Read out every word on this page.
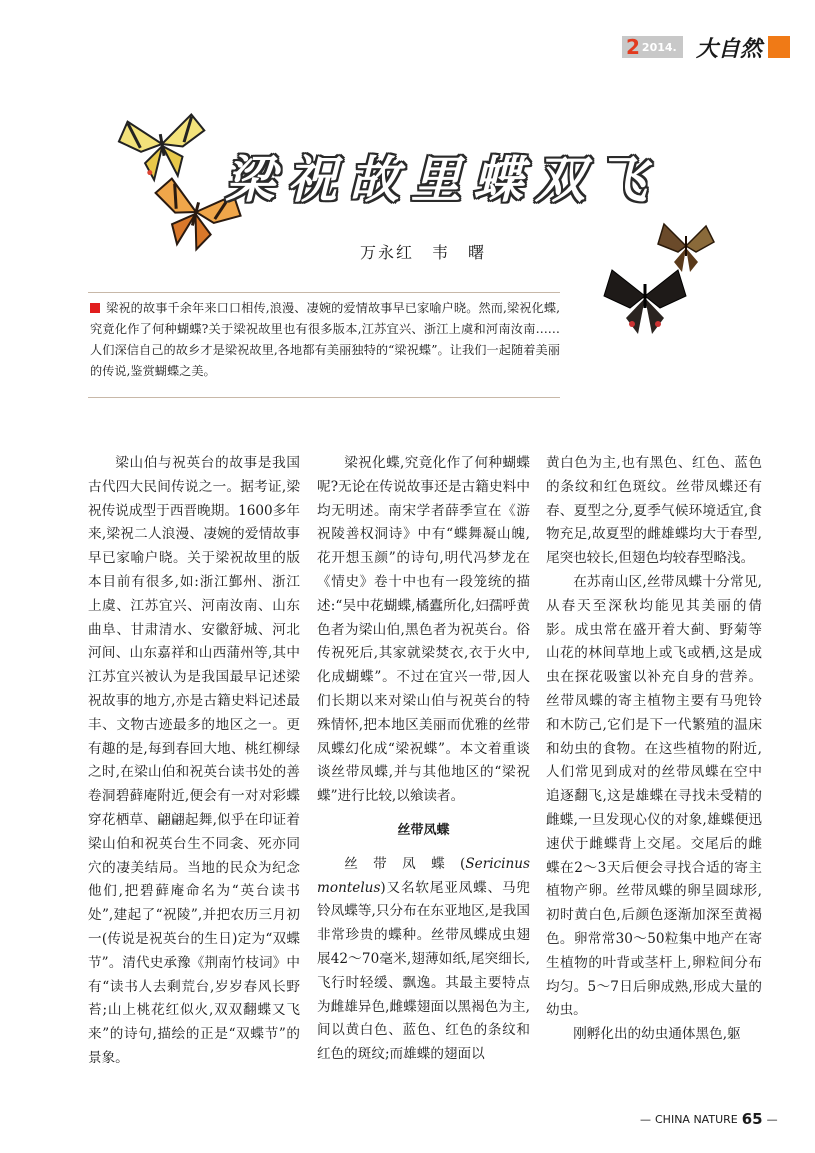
2 2014. 大自然
梁祝故里蝶双飞
万永红　韦　曙
梁祝的故事千余年来口口相传,浪漫、凄婉的爱情故事早已家喻户晓。然而,梁祝化蝶,究竟化作了何种蝴蝶?关于梁祝故里也有很多版本,江苏宜兴、浙江上虞和河南汝南……人们深信自己的故乡才是梁祝故里,各地都有美丽独特的“梁祝蝶”。让我们一起随着美丽的传说,鉴赏蝴蝶之美。

梁山伯与祝英台的故事是我国古代四大民间传说之一。据考证,梁祝传说成型于西晋晚期。1600多年来,梁祝二人浪漫、凄婉的爱情故事早已家喻户晓。关于梁祝故里的版本目前有很多,如:浙江鄞州、浙江上虞、江苏宜兴、河南汝南、山东曲阜、甘肃清水、安徽舒城、河北河间、山东嘉祥和山西蒲州等,其中江苏宜兴被认为是我国最早记述梁祝故事的地方,亦是古籍史料记述最丰、文物古迹最多的地区之一。更有趣的是,每到春回大地、桃红柳绿之时,在梁山伯和祝英台读书处的善卷洞碧藓庵附近,便会有一对对彩蝶穿花栖草、翩翩起舞,似乎在印证着梁山伯和祝英台生不同衾、死亦同穴的凄美结局。当地的民众为纪念他们,把碧藓庵命名为“英台读书处”,建起了“祝陵”,并把农历三月初一(传说是祝英台的生日)定为“双蝶节”。清代史承豫《荆南竹枝词》中有“读书人去剩荒台,岁岁春风长野苔;山上桃花红似火,双双翻蝶又飞来”的诗句,描绘的正是“双蝶节”的景象。

梁祝化蝶,究竟化作了何种蝴蝶呢?无论在传说故事还是古籍史料中均无明述。南宋学者薛季宣在《游祝陵善权洞诗》中有“蝶舞凝山魄,花开想玉颜”的诗句,明代冯梦龙在《情史》卷十中也有一段笼统的描述:“吴中花蝴蝶,橘蠹所化,妇孺呼黄色者为梁山伯,黑色者为祝英台。俗传祝死后,其家就梁焚衣,衣于火中,化成蝴蝶”。不过在宜兴一带,因人们长期以来对梁山伯与祝英台的特殊情怀,把本地区美丽而优雅的丝带凤蝶幻化成“梁祝蝶”。本文着重谈谈丝带凤蝶,并与其他地区的“梁祝蝶”进行比较,以飨读者。

丝带凤蝶

丝带凤蝶(Sericinus montelus)又名软尾亚凤蝶、马兜铃凤蝶等,只分布在东亚地区,是我国非常珍贵的蝶种。丝带凤蝶成虫翅展42～70毫米,翅薄如纸,尾突细长,飞行时轻缓、飘逸。其最主要特点为雌雄异色,雌蝶翅面以黑褐色为主,间以黄白色、蓝色、红色的条纹和红色的斑纹;而雄蝶的翅面以

黄白色为主,也有黑色、红色、蓝色的条纹和红色斑纹。丝带凤蝶还有春、夏型之分,夏季气候环境适宜,食物充足,故夏型的雌雄蝶均大于春型,尾突也较长,但翅色均较春型略浅。

在苏南山区,丝带凤蝶十分常见,从春天至深秋均能见其美丽的倩影。成虫常在盛开着大蓟、野菊等山花的林间草地上或飞或栖,这是成虫在探花吸蜜以补充自身的营养。丝带凤蝶的寄主植物主要有马兜铃和木防己,它们是下一代繁殖的温床和幼虫的食物。在这些植物的附近,人们常见到成对的丝带凤蝶在空中追逐翻飞,这是雄蝶在寻找未受精的雌蝶,一旦发现心仪的对象,雄蝶便迅速伏于雌蝶背上交尾。交尾后的雌蝶在2～3天后便会寻找合适的寄主植物产卵。丝带凤蝶的卵呈圆球形,初时黄白色,后颜色逐渐加深至黄褐色。卵常常30～50粒集中地产在寄生植物的叶背或茎杆上,卵粒间分布均匀。5～7日后卵成熟,形成大量的幼虫。

刚孵化出的幼虫通体黑色,躯

— CHINA NATURE 65 —
